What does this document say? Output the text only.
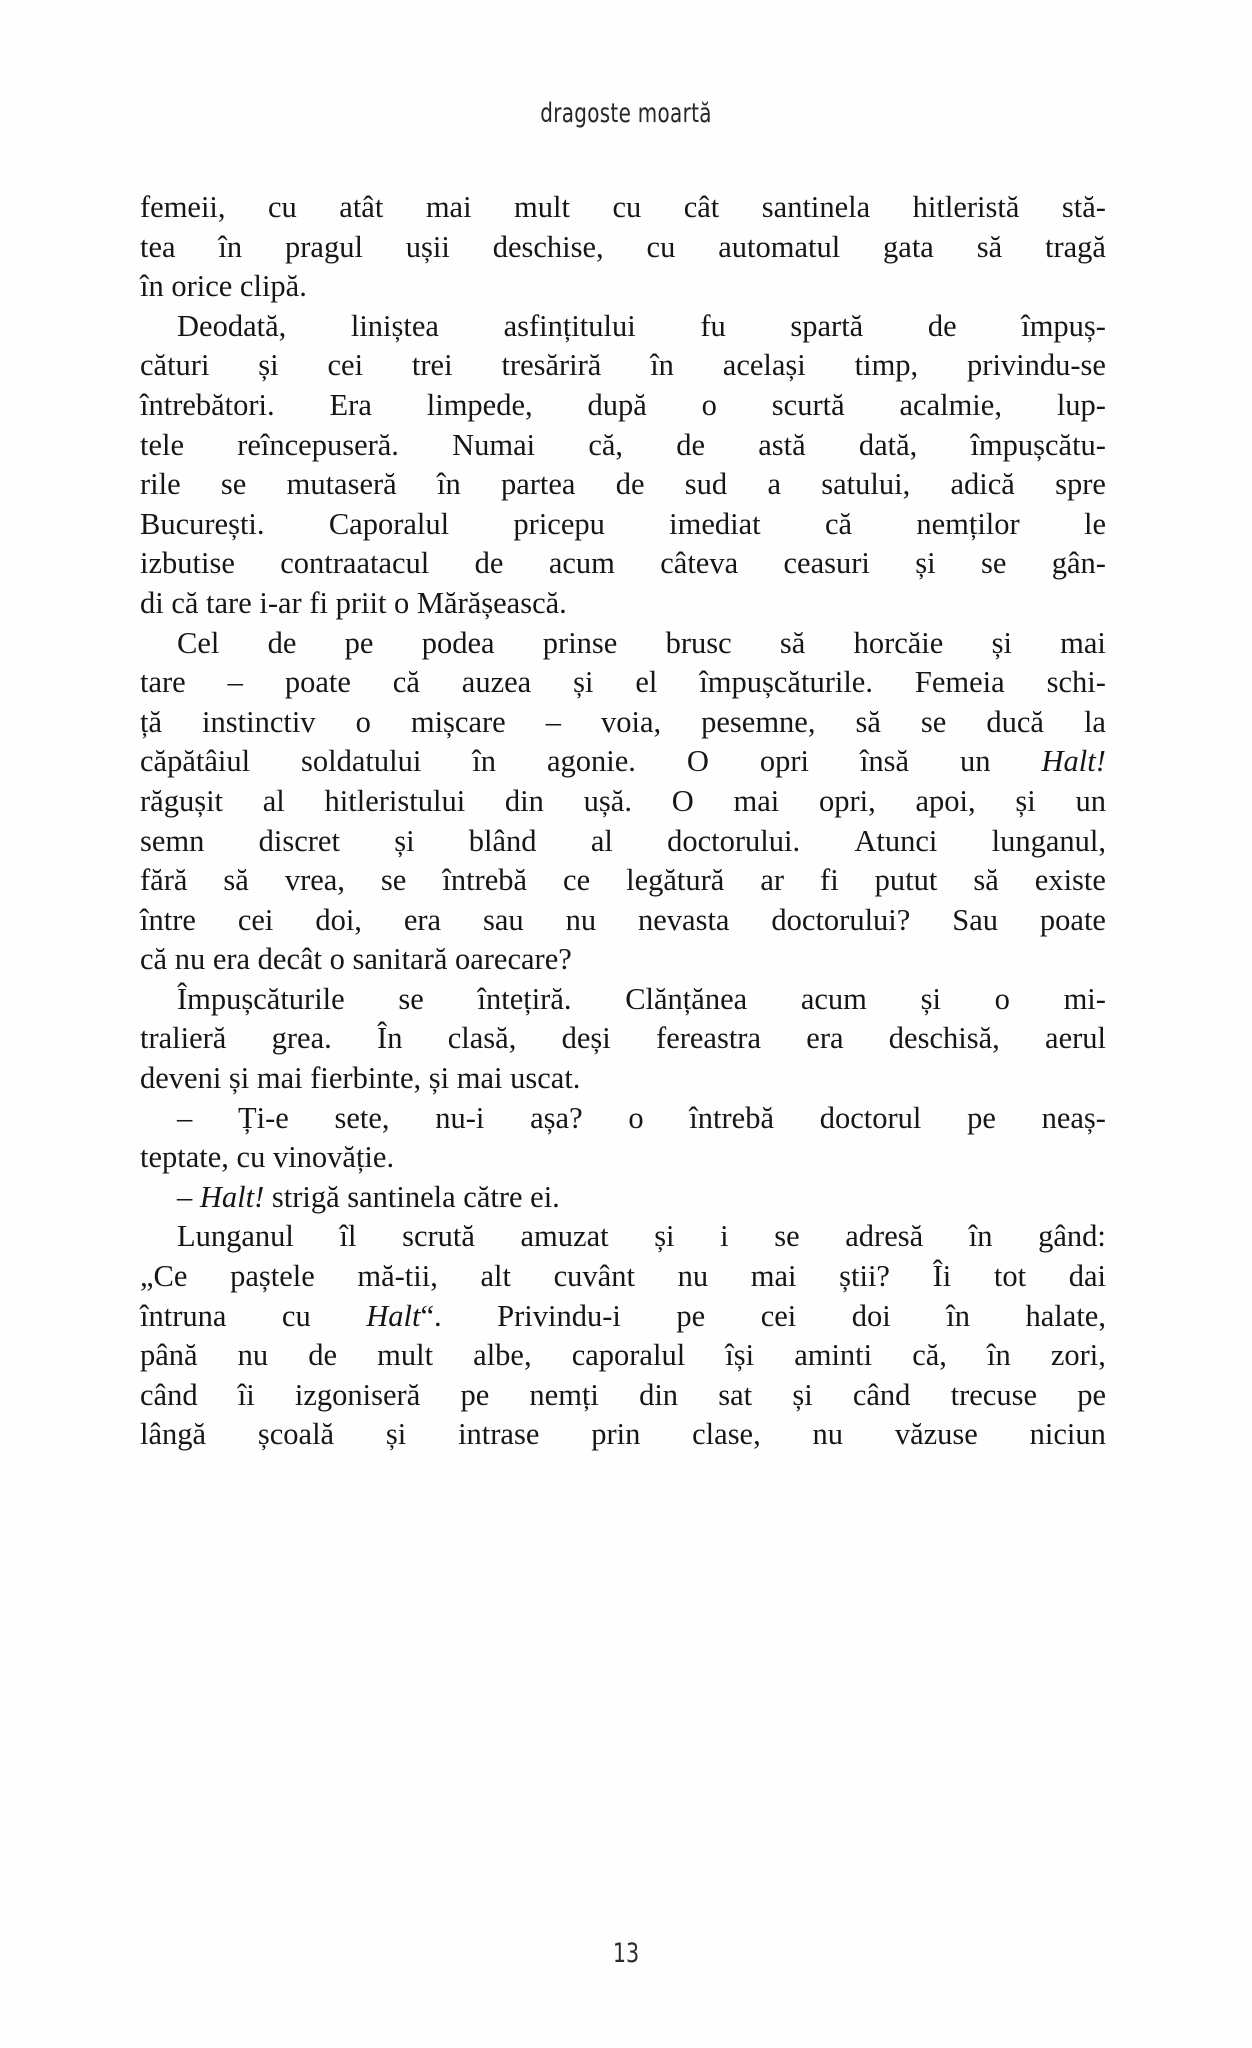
dragoste moartă
femeii, cu atât mai mult cu cât santinela hitleristă stă-
tea în pragul ușii deschise, cu automatul gata să tragă
în orice clipă.
Deodată, liniștea asfințitului fu spartă de împuș-
cături și cei trei tresăriră în același timp, privindu-se
întrebători. Era limpede, după o scurtă acalmie, lup-
tele reîncepuseră. Numai că, de astă dată, împușcătu-
rile se mutaseră în partea de sud a satului, adică spre
București. Caporalul pricepu imediat că nemților le
izbutise contraatacul de acum câteva ceasuri și se gân-
di că tare i-ar fi priit o Mărășească.
Cel de pe podea prinse brusc să horcăie și mai
tare – poate că auzea și el împușcăturile. Femeia schi-
ță instinctiv o mișcare – voia, pesemne, să se ducă la
căpătâiul soldatului în agonie. O opri însă un Halt!
răgușit al hitleristului din ușă. O mai opri, apoi, și un
semn discret și blând al doctorului. Atunci lunganul,
fără să vrea, se întrebă ce legătură ar fi putut să existe
între cei doi, era sau nu nevasta doctorului? Sau poate
că nu era decât o sanitară oarecare?
Împușcăturile se întețiră. Clănțănea acum și o mi-
tralieră grea. În clasă, deși fereastra era deschisă, aerul
deveni și mai fierbinte, și mai uscat.
– Ți-e sete, nu-i așa? o întrebă doctorul pe neaș-
teptate, cu vinovăție.
– Halt! strigă santinela către ei.
Lunganul îl scrută amuzat și i se adresă în gând:
„Ce paștele mă-tii, alt cuvânt nu mai știi? Îi tot dai
întruna cu Halt“. Privindu-i pe cei doi în halate,
până nu de mult albe, caporalul își aminti că, în zori,
când îi izgoniseră pe nemți din sat și când trecuse pe
lângă școală și intrase prin clase, nu văzuse niciun
13
